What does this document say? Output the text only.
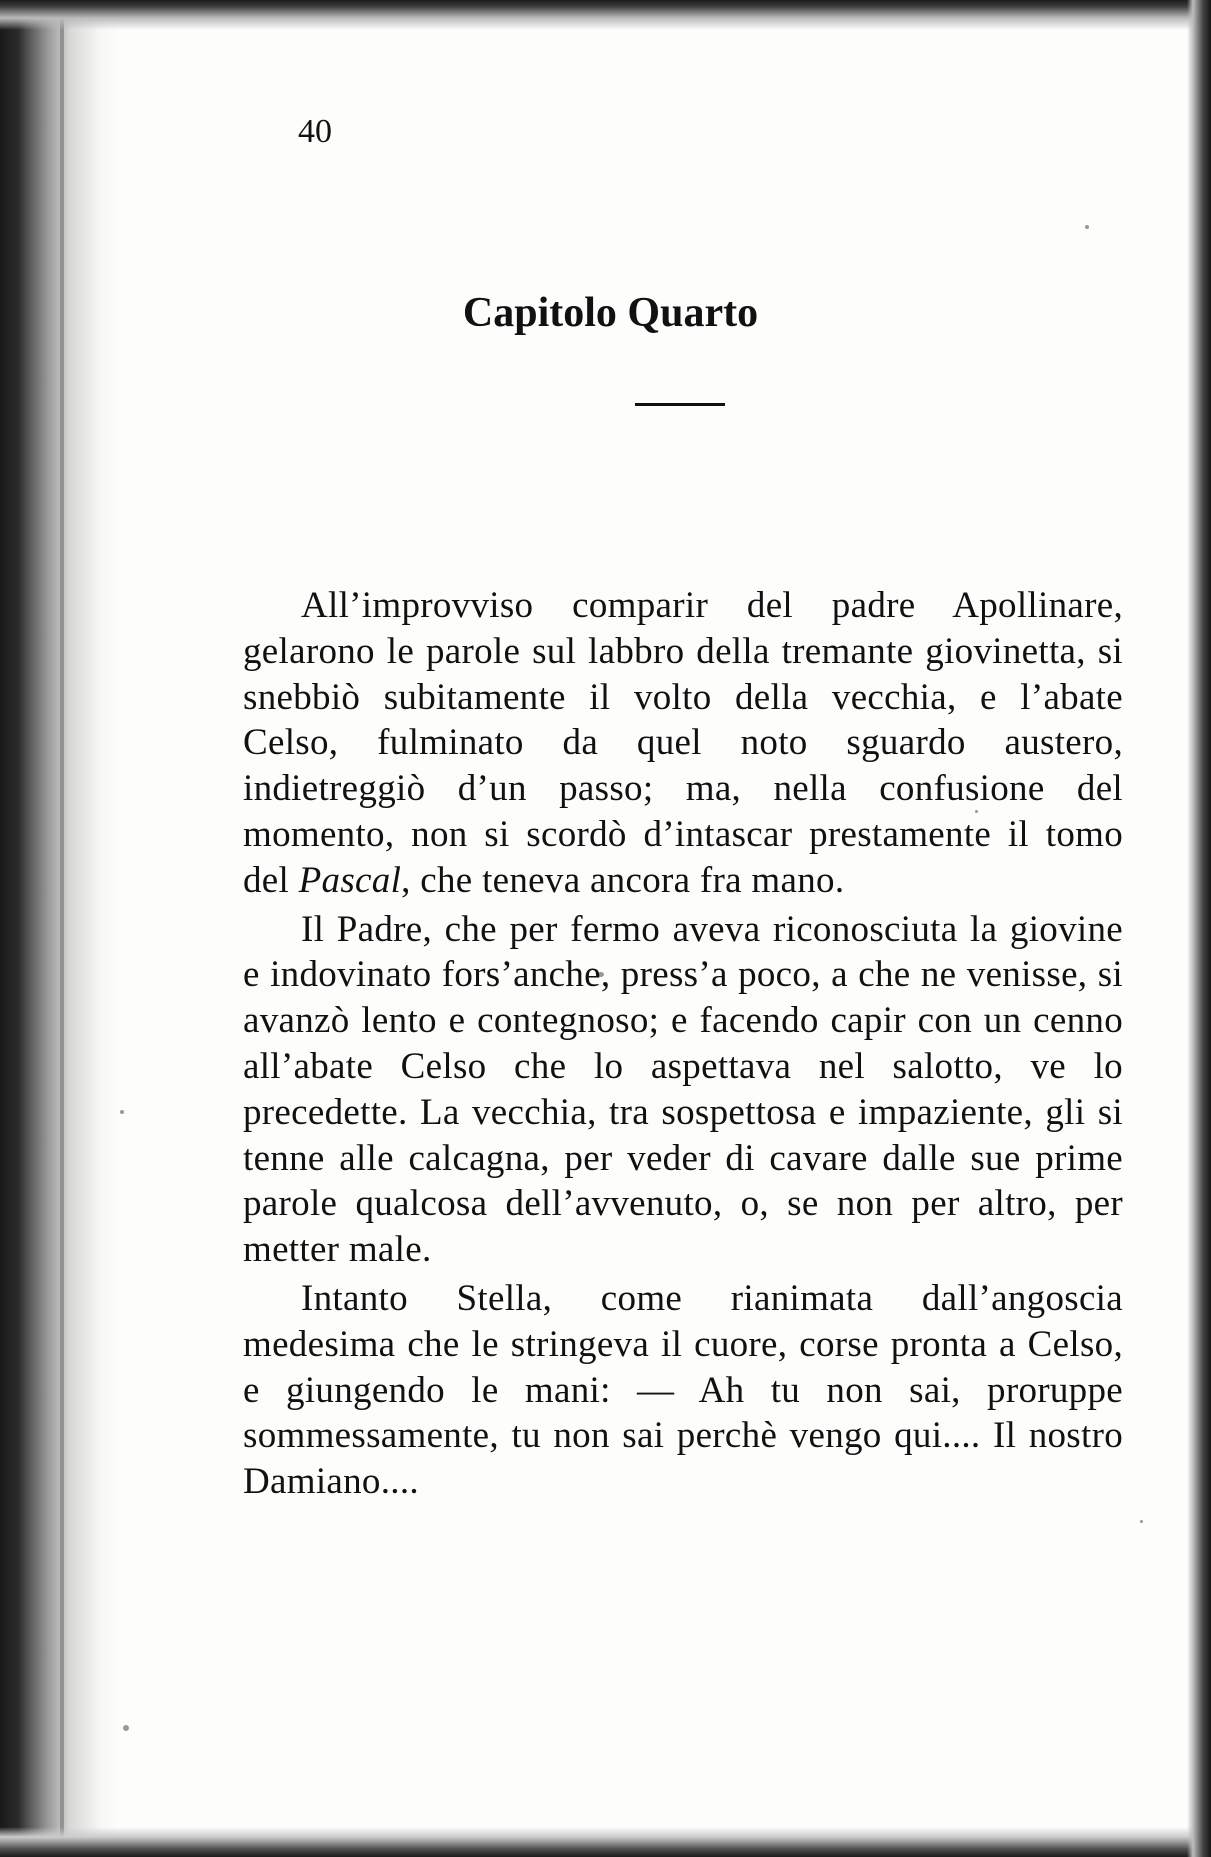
40
Capitolo Quarto

All’improvviso comparir del padre Apollinare, gelarono le parole sul labbro della tremante giovinetta, si snebbiò subitamente il volto della vecchia, e l’abate Celso, fulminato da quel noto sguardo austero, indietreggiò d’un passo; ma, nella confusione del momento, non si scordò d’intascar prestamente il tomo del Pascal, che teneva ancora fra mano.

Il Padre, che per fermo aveva riconosciuta la giovine e indovinato fors’anche, press’a poco, a che ne venisse, si avanzò lento e contegnoso; e facendo capir con un cenno all’abate Celso che lo aspettava nel salotto, ve lo precedette. La vecchia, tra sospettosa e impaziente, gli si tenne alle calcagna, per veder di cavare dalle sue prime parole qualcosa dell’avvenuto, o, se non per altro, per metter male.

Intanto Stella, come rianimata dall’angoscia medesima che le stringeva il cuore, corse pronta a Celso, e giungendo le mani: — Ah tu non sai, proruppe sommessamente, tu non sai perchè vengo qui.... Il nostro Damiano....
